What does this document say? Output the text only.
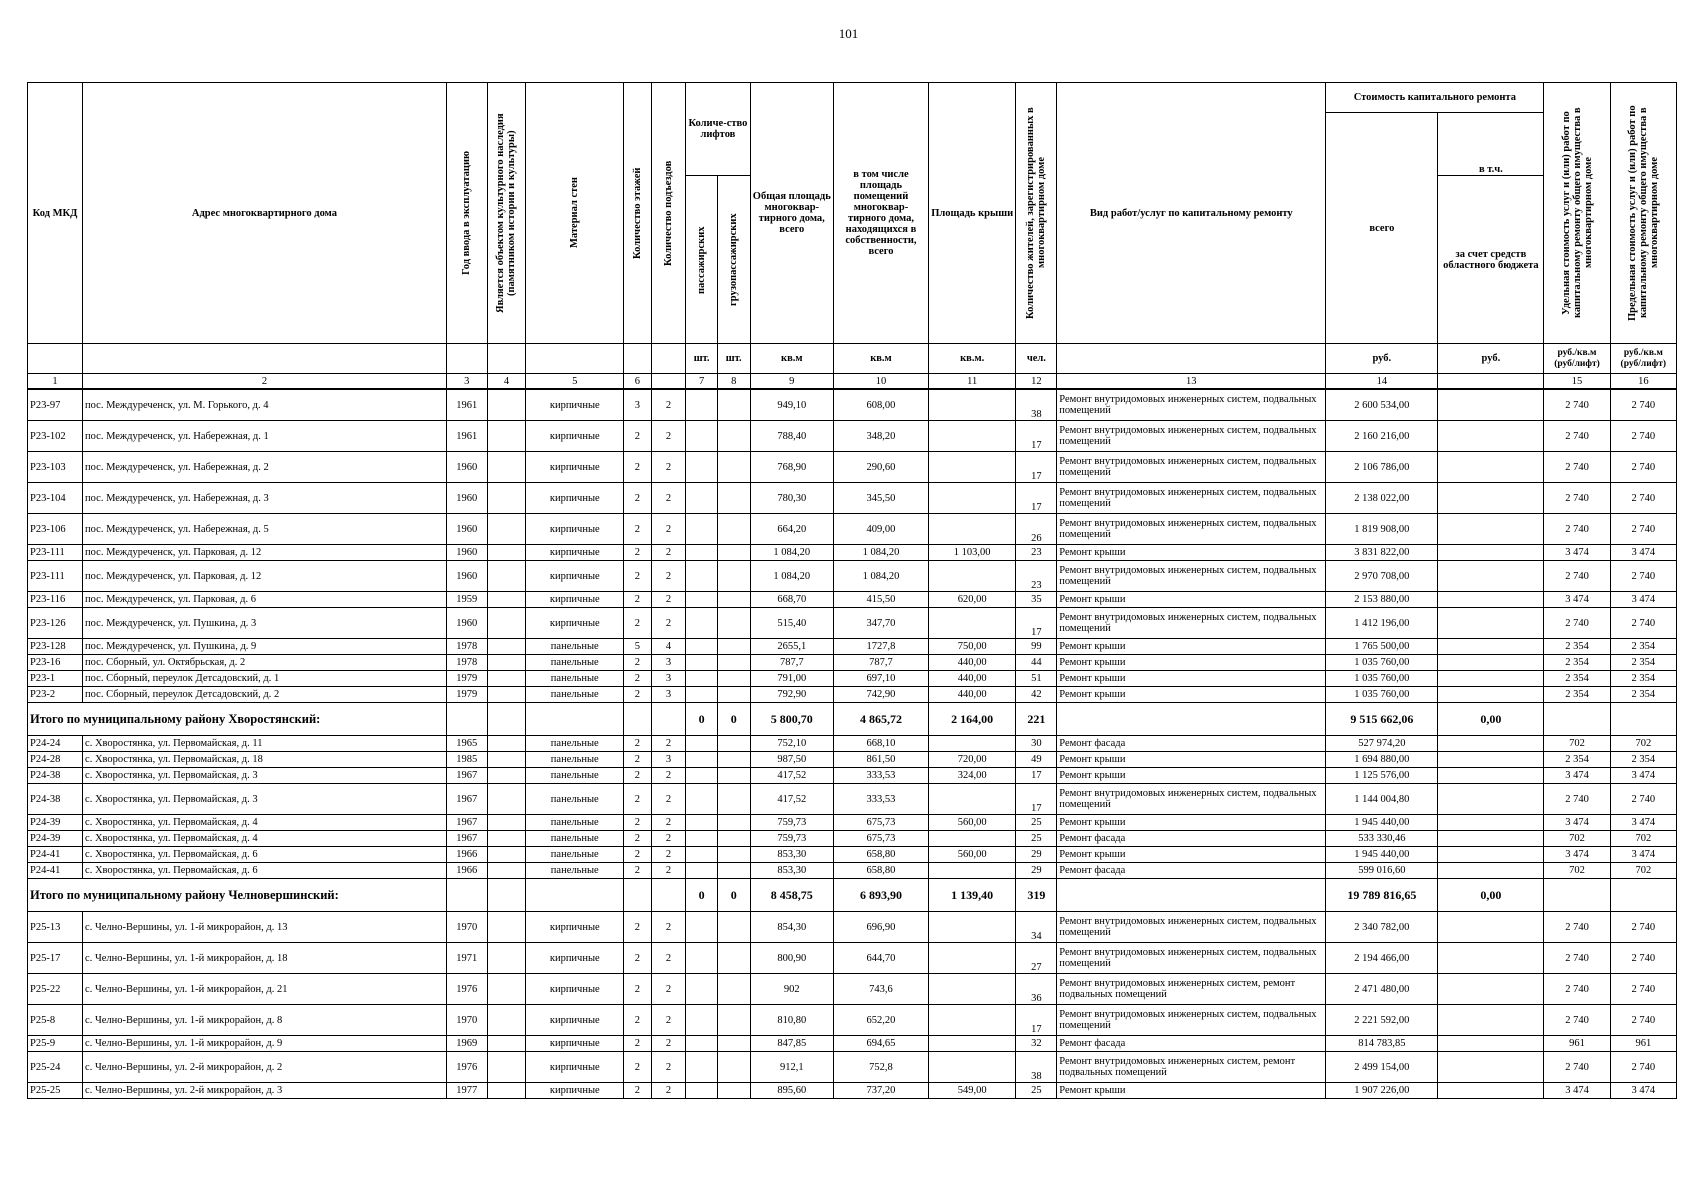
101
Код МКД	Адрес многоквартирного дома	Год ввода в эксплуатацию	Является объектом культурного наследия (памятником истории и культуры)	Материал стен	Количество этажей	Количество подъездов	Количе-ство лифтов		Общая площадь многоквар-тирного дома, всего	в том числе площадь помещений многоквар-тирного дома, находящихся в собственности, всего	Площадь крыши	Количество жителей, зарегистрированных в многоквартирном доме	Вид работ/услуг по капитальному ремонту	Стоимость капитального ремонта		Удельная стоимость услуг и (или) работ по капитальному ремонту общего имущества в многоквартирном доме	Предельная стоимость услуг и (или) работ по капитальному ремонту общего имущества в многоквартирном доме

														всего	в т.ч.		

							пассажирских	грузопассажирских							за счет средств областного бюджета		
							шт.	шт.	кв.м	кв.м	кв.м.	чел.		руб.	руб.	руб./кв.м (руб/лифт)	руб./кв.м (руб/лифт)
1	2	3	4	5	6		7	8	9	10	11	12	13	14		15	16
Р23-97	пос. Междуреченск, ул. М. Горького, д. 4	1961		кирпичные	3	2			949,10	608,00		38	Ремонт внутридомовых инженерных систем, подвальных помещений	2 600 534,00		2 740	2 740
Р23-102	пос. Междуреченск, ул. Набережная, д. 1	1961		кирпичные	2	2			788,40	348,20		17	Ремонт внутридомовых инженерных систем, подвальных помещений	2 160 216,00		2 740	2 740
Р23-103	пос. Междуреченск, ул. Набережная, д. 2	1960		кирпичные	2	2			768,90	290,60		17	Ремонт внутридомовых инженерных систем, подвальных помещений	2 106 786,00		2 740	2 740
Р23-104	пос. Междуреченск, ул. Набережная, д. 3	1960		кирпичные	2	2			780,30	345,50		17	Ремонт внутридомовых инженерных систем, подвальных помещений	2 138 022,00		2 740	2 740
Р23-106	пос. Междуреченск, ул. Набережная, д. 5	1960		кирпичные	2	2			664,20	409,00		26	Ремонт внутридомовых инженерных систем, подвальных помещений	1 819 908,00		2 740	2 740
Р23-111	пос. Междуреченск, ул. Парковая, д. 12	1960		кирпичные	2	2			1 084,20	1 084,20	1 103,00	23	Ремонт крыши	3 831 822,00		3 474	3 474
Р23-111	пос. Междуреченск, ул. Парковая, д. 12	1960		кирпичные	2	2			1 084,20	1 084,20		23	Ремонт внутридомовых инженерных систем, подвальных помещений	2 970 708,00		2 740	2 740
Р23-116	пос. Междуреченск, ул. Парковая, д. 6	1959		кирпичные	2	2			668,70	415,50	620,00	35	Ремонт крыши	2 153 880,00		3 474	3 474
Р23-126	пос. Междуреченск, ул. Пушкина, д. 3	1960		кирпичные	2	2			515,40	347,70		17	Ремонт внутридомовых инженерных систем, подвальных помещений	1 412 196,00		2 740	2 740
Р23-128	пос. Междуреченск, ул. Пушкина, д. 9	1978		панельные	5	4			2655,1	1727,8	750,00	99	Ремонт крыши	1 765 500,00		2 354	2 354
Р23-16	пос. Сборный, ул. Октябрьская, д. 2	1978		панельные	2	3			787,7	787,7	440,00	44	Ремонт крыши	1 035 760,00		2 354	2 354
Р23-1	пос. Сборный, переулок Детсадовский, д. 1	1979		панельные	2	3			791,00	697,10	440,00	51	Ремонт крыши	1 035 760,00		2 354	2 354
Р23-2	пос. Сборный, переулок Детсадовский, д. 2	1979		панельные	2	3			792,90	742,90	440,00	42	Ремонт крыши	1 035 760,00		2 354	2 354
Итого по муниципальному району Хворостянский:							0	0	5 800,70	4 865,72	2 164,00	221		9 515 662,06	0,00		
Р24-24	с. Хворостянка, ул. Первомайская, д. 11	1965		панельные	2	2			752,10	668,10		30	Ремонт фасада	527 974,20		702	702
Р24-28	с. Хворостянка, ул. Первомайская, д. 18	1985		панельные	2	3			987,50	861,50	720,00	49	Ремонт крыши	1 694 880,00		2 354	2 354
Р24-38	с. Хворостянка, ул. Первомайская, д. 3	1967		панельные	2	2			417,52	333,53	324,00	17	Ремонт крыши	1 125 576,00		3 474	3 474
Р24-38	с. Хворостянка, ул. Первомайская, д. 3	1967		панельные	2	2			417,52	333,53		17	Ремонт внутридомовых инженерных систем, подвальных помещений	1 144 004,80		2 740	2 740
Р24-39	с. Хворостянка, ул. Первомайская, д. 4	1967		панельные	2	2			759,73	675,73	560,00	25	Ремонт крыши	1 945 440,00		3 474	3 474
Р24-39	с. Хворостянка, ул. Первомайская, д. 4	1967		панельные	2	2			759,73	675,73		25	Ремонт фасада	533 330,46		702	702
Р24-41	с. Хворостянка, ул. Первомайская, д. 6	1966		панельные	2	2			853,30	658,80	560,00	29	Ремонт крыши	1 945 440,00		3 474	3 474
Р24-41	с. Хворостянка, ул. Первомайская, д. 6	1966		панельные	2	2			853,30	658,80		29	Ремонт фасада	599 016,60		702	702
Итого по муниципальному району Челновершинский:							0	0	8 458,75	6 893,90	1 139,40	319		19 789 816,65	0,00		
Р25-13	с. Челно-Вершины, ул. 1-й микрорайон, д. 13	1970		кирпичные	2	2			854,30	696,90		34	Ремонт внутридомовых инженерных систем, подвальных помещений	2 340 782,00		2 740	2 740
Р25-17	с. Челно-Вершины, ул. 1-й микрорайон, д. 18	1971		кирпичные	2	2			800,90	644,70		27	Ремонт внутридомовых инженерных систем, подвальных помещений	2 194 466,00		2 740	2 740
Р25-22	с. Челно-Вершины, ул. 1-й микрорайон, д. 21	1976		кирпичные	2	2			902	743,6		36	Ремонт внутридомовых инженерных систем, ремонт подвальных помещений	2 471 480,00		2 740	2 740
Р25-8	с. Челно-Вершины, ул. 1-й микрорайон, д. 8	1970		кирпичные	2	2			810,80	652,20		17	Ремонт внутридомовых инженерных систем, подвальных помещений	2 221 592,00		2 740	2 740
Р25-9	с. Челно-Вершины, ул. 1-й микрорайон, д. 9	1969		кирпичные	2	2			847,85	694,65		32	Ремонт фасада	814 783,85		961	961
Р25-24	с. Челно-Вершины, ул. 2-й микрорайон, д. 2	1976		кирпичные	2	2			912,1	752,8		38	Ремонт внутридомовых инженерных систем, ремонт подвальных помещений	2 499 154,00		2 740	2 740
Р25-25	с. Челно-Вершины, ул. 2-й микрорайон, д. 3	1977		кирпичные	2	2			895,60	737,20	549,00	25	Ремонт крыши	1 907 226,00		3 474	3 474
